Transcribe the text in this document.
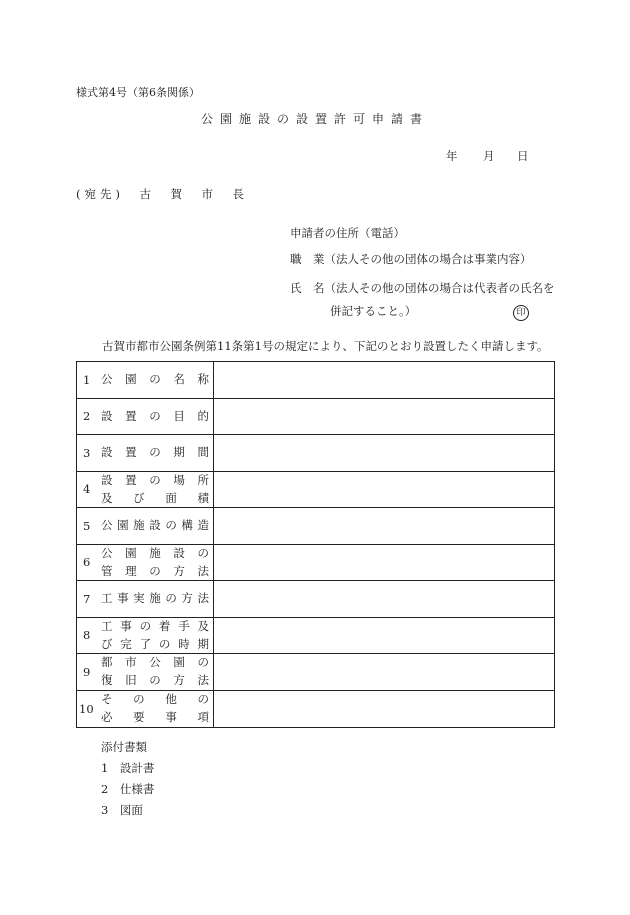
様式第4号（第6条関係）
公園施設の設置許可申請書
年 月 日
(宛先)　古　賀　市　長
申請者の住所（電話）
職　業（法人その他の団体の場合は事業内容）
氏　名（法人その他の団体の場合は代表者の氏名を
併記すること。）	印
古賀市都市公園条例第11条第1号の規定により、下記のとおり設置したく申請します。
1 公園の名称
2 設置の目的
3 設置の期間
4
設置の場所
及び面積
5 公園施設の構造
6
公園施設の
管理の方法
7 工事実施の方法
8
工事の着手及
び完了の時期
9
都市公園の
復旧の方法
10
その他の
必要事項
添付書類
1　設計書
2　仕様書
3　図面
